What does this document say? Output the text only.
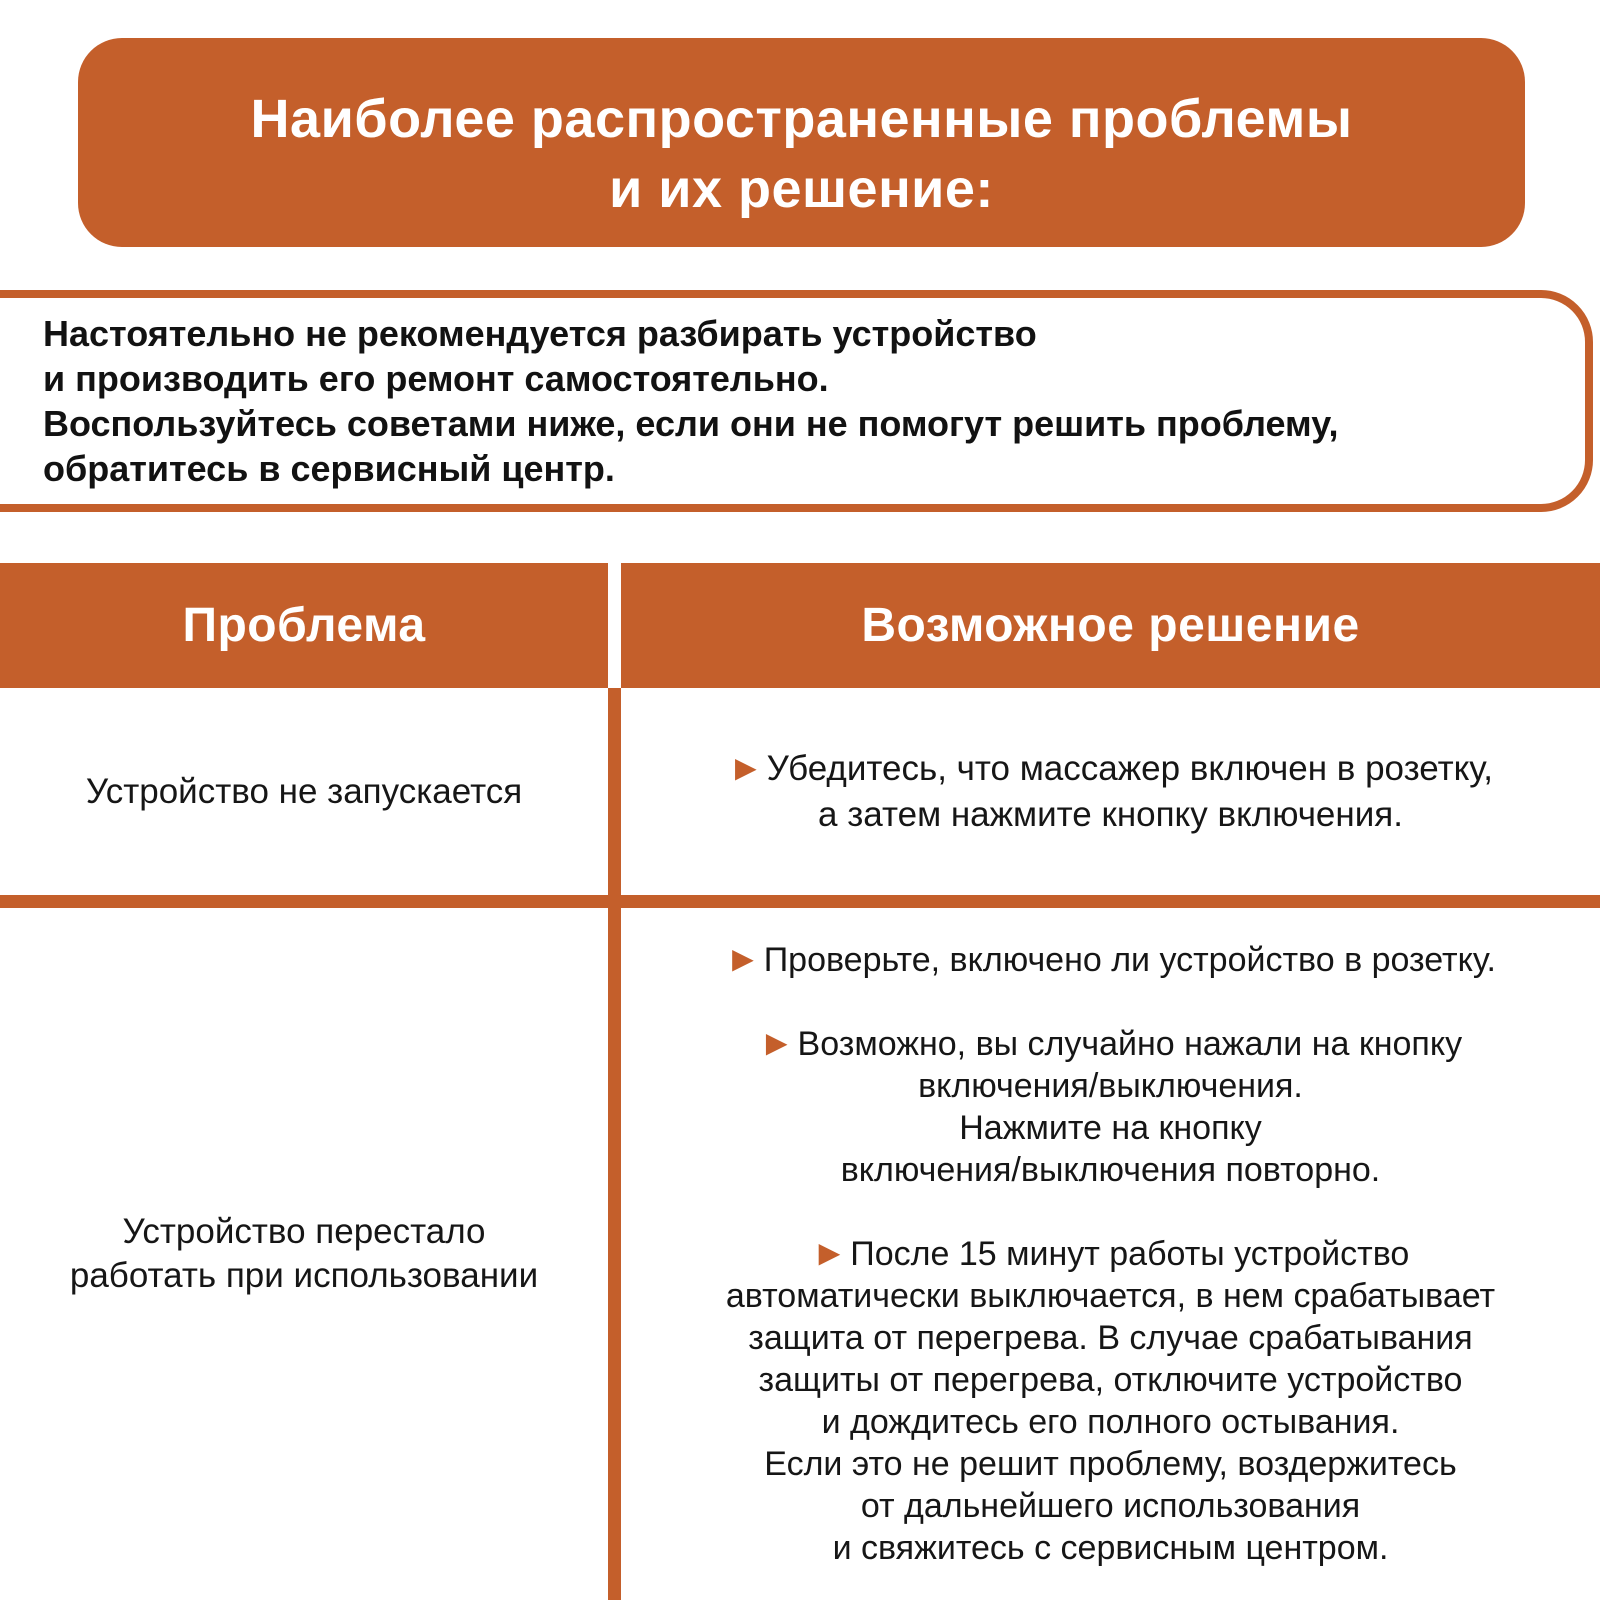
Наиболее распространенные проблемы
и их решение:
Настоятельно не рекомендуется разбирать устройство
и производить его ремонт самостоятельно.
Воспользуйтесь советами ниже, если они не помогут решить проблему,
обратитесь в сервисный центр.
Проблема	Возможное решение
Устройство не запускается
► Убедитесь, что массажер включен в розетку,
а затем нажмите кнопку включения.
Устройство перестало
работать при использовании
► Проверьте, включено ли устройство в розетку.
► Возможно, вы случайно нажали на кнопку
включения/выключения.
Нажмите на кнопку
включения/выключения повторно.
► После 15 минут работы устройство
автоматически выключается, в нем срабатывает
защита от перегрева. В случае срабатывания
защиты от перегрева, отключите устройство
и дождитесь его полного остывания.
Если это не решит проблему, воздержитесь
от дальнейшего использования
и свяжитесь с сервисным центром.
